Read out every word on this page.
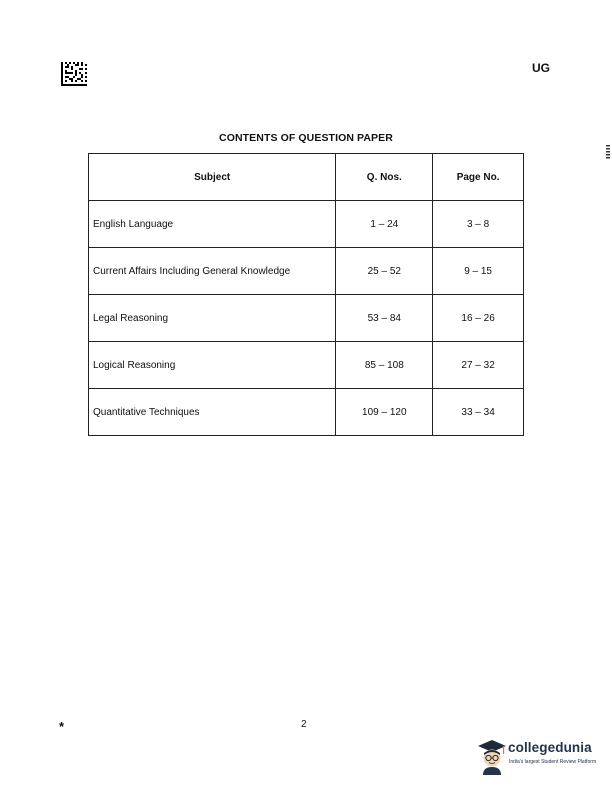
UG
CONTENTS OF QUESTION PAPER
Subject	Q. Nos.	Page No.
English Language	1 – 24	3 – 8
Current Affairs Including General Knowledge	25 – 52	9 – 15
Legal Reasoning	53 – 84	16 – 26
Logical Reasoning	85 – 108	27 – 32
Quantitative Techniques	109 – 120	33 – 34
*	2
collegedunia
India's largest Student Review Platform
